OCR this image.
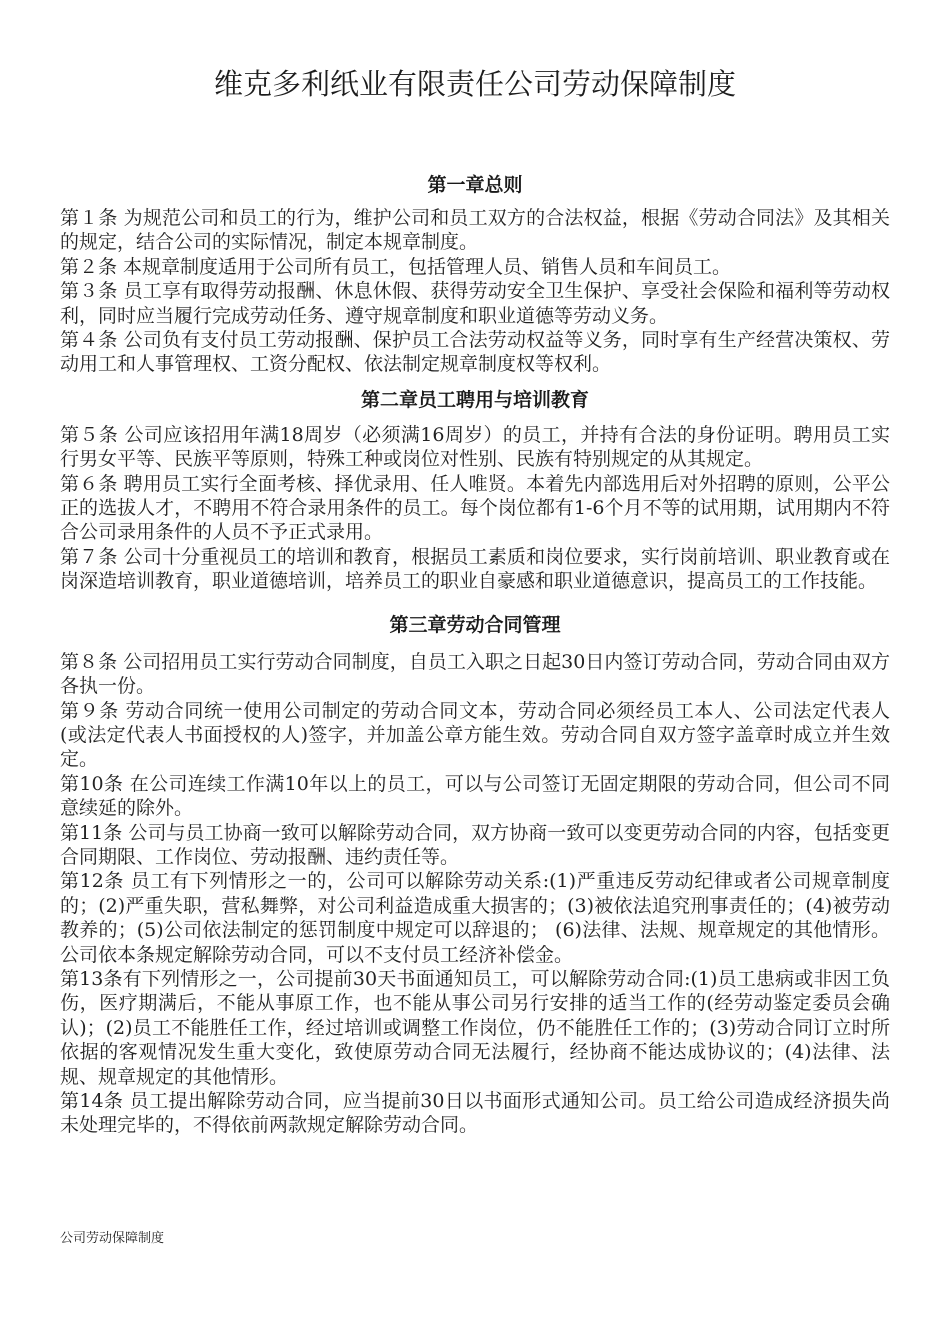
维克多利纸业有限责任公司劳动保障制度
第一章总则

第１条 为规范公司和员工的行为，维护公司和员工双方的合法权益，根据《劳动合同法》及其相关的规定，结合公司的实际情况，制定本规章制度。

第２条 本规章制度适用于公司所有员工，包括管理人员、销售人员和车间员工。

第３条 员工享有取得劳动报酬、休息休假、获得劳动安全卫生保护、享受社会保险和福利等劳动权利，同时应当履行完成劳动任务、遵守规章制度和职业道德等劳动义务。

第４条 公司负有支付员工劳动报酬、保护员工合法劳动权益等义务，同时享有生产经营决策权、劳动用工和人事管理权、工资分配权、依法制定规章制度权等权利。

第二章员工聘用与培训教育

第５条 公司应该招用年满18周岁（必须满16周岁）的员工，并持有合法的身份证明。聘用员工实行男女平等、民族平等原则，特殊工种或岗位对性别、民族有特别规定的从其规定。

第６条 聘用员工实行全面考核、择优录用、任人唯贤。本着先内部选用后对外招聘的原则，公平公正的选拔人才，不聘用不符合录用条件的员工。每个岗位都有1-6个月不等的试用期，试用期内不符合公司录用条件的人员不予正式录用。

第７条 公司十分重视员工的培训和教育，根据员工素质和岗位要求，实行岗前培训、职业教育或在岗深造培训教育，职业道德培训，培养员工的职业自豪感和职业道德意识，提高员工的工作技能。

第三章劳动合同管理

第８条 公司招用员工实行劳动合同制度，自员工入职之日起30日内签订劳动合同，劳动合同由双方各执一份。

第９条 劳动合同统一使用公司制定的劳动合同文本，劳动合同必须经员工本人、公司法定代表人(或法定代表人书面授权的人)签字，并加盖公章方能生效。劳动合同自双方签字盖章时成立并生效定。

第10条 在公司连续工作满10年以上的员工，可以与公司签订无固定期限的劳动合同，但公司不同意续延的除外。

第11条 公司与员工协商一致可以解除劳动合同，双方协商一致可以变更劳动合同的内容，包括变更合同期限、工作岗位、劳动报酬、违约责任等。

第12条 员工有下列情形之一的，公司可以解除劳动关系:(1)严重违反劳动纪律或者公司规章制度的；(2)严重失职，营私舞弊，对公司利益造成重大损害的；(3)被依法追究刑事责任的；(4)被劳动教养的；(5)公司依法制定的惩罚制度中规定可以辞退的； (6)法律、法规、规章规定的其他情形。公司依本条规定解除劳动合同，可以不支付员工经济补偿金。

第13条有下列情形之一，公司提前30天书面通知员工，可以解除劳动合同:(1)员工患病或非因工负伤，医疗期满后，不能从事原工作，也不能从事公司另行安排的适当工作的(经劳动鉴定委员会确认)；(2)员工不能胜任工作，经过培训或调整工作岗位，仍不能胜任工作的；(3)劳动合同订立时所依据的客观情况发生重大变化，致使原劳动合同无法履行，经协商不能达成协议的；(4)法律、法规、规章规定的其他情形。

第14条 员工提出解除劳动合同，应当提前30日以书面形式通知公司。员工给公司造成经济损失尚未处理完毕的，不得依前两款规定解除劳动合同。

公司劳动保障制度
